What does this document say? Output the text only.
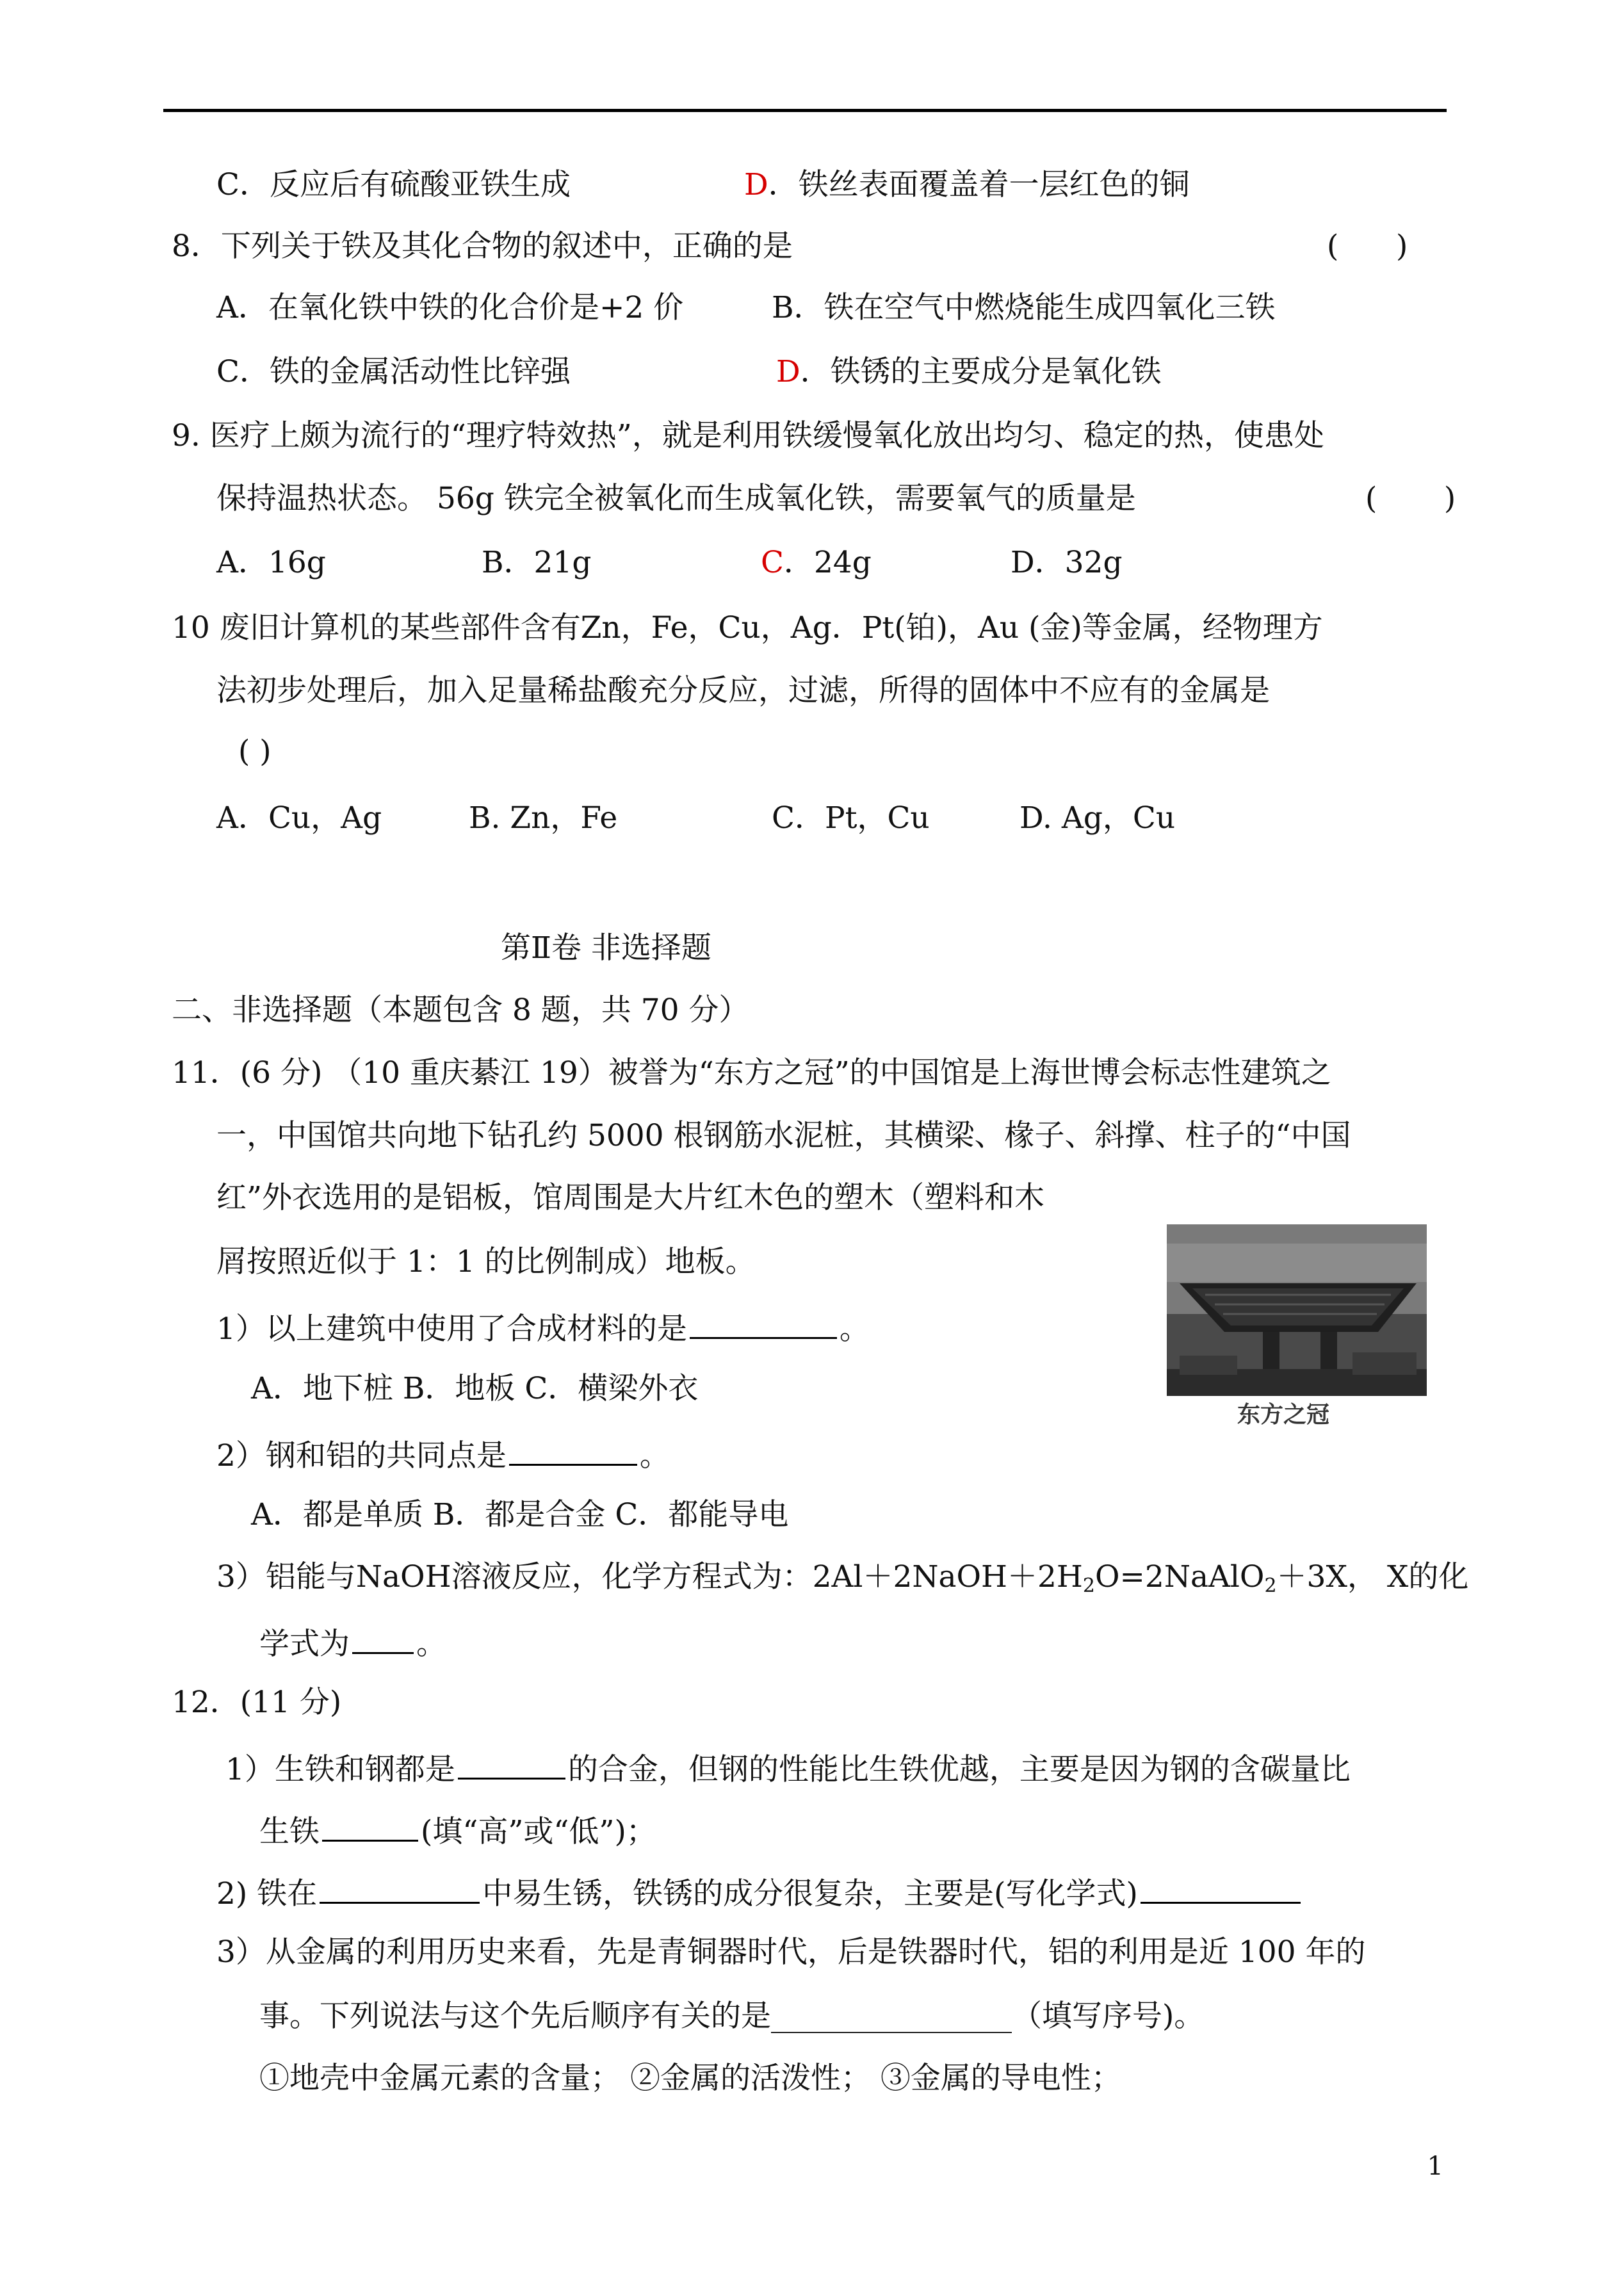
C．反应后有硫酸亚铁生成	D．铁丝表面覆盖着一层红色的铜
8．下列关于铁及其化合物的叙述中，正确的是	(      )
A．在氧化铁中铁的化合价是+2 价	B．铁在空气中燃烧能生成四氧化三铁
C．铁的金属活动性比锌强	D．铁锈的主要成分是氧化铁
9. 医疗上颇为流行的“理疗特效热”，就是利用铁缓慢氧化放出均匀、稳定的热，使患处
保持温热状态。 56g 铁完全被氧化而生成氧化铁，需要氧气的质量是	(       )
A．16g	B．21g	C．24g	D．32g
10 废旧计算机的某些部件含有Zn，Fe，Cu，Ag．Pt(铂)，Au (金)等金属，经物理方
法初步处理后，加入足量稀盐酸充分反应，过滤，所得的固体中不应有的金属是
( )
A．Cu，Ag	B. Zn，Fe	C．Pt，Cu	D. Ag，Cu
第Ⅱ卷 非选择题
二、非选择题（本题包含 8 题，共 70 分）
11．(6 分) （10 重庆綦江 19）被誉为“东方之冠”的中国馆是上海世博会标志性建筑之
一，中国馆共向地下钻孔约 5000 根钢筋水泥桩，其横梁、椽子、斜撑、柱子的“中国
红”外衣选用的是铝板，馆周围是大片红木色的塑木（塑料和木
屑按照近似于 1：1 的比例制成）地板。
东方之冠
1）以上建筑中使用了合成材料的是	。
A．地下桩 B．地板 C．横梁外衣
2）钢和铝的共同点是	。
A．都是单质 B．都是合金 C．都能导电
3）铝能与NaOH溶液反应，化学方程式为：$2Al+2NaOH+2H_2O=2NaAlO_2+3X$， X的化
学式为 。
12．(11 分)
1）生铁和钢都是	的合金，但钢的性能比生铁优越，主要是因为钢的含碳量比
生铁	(填“高”或“低”)；
2) 铁在	中易生锈，铁锈的成分很复杂，主要是(写化学式)
3）从金属的利用历史来看，先是青铜器时代，后是铁器时代，铝的利用是近 100 年的
事。下列说法与这个先后顺序有关的是________________（填写序号)。
①地壳中金属元素的含量； ②金属的活泼性； ③金属的导电性；
1
